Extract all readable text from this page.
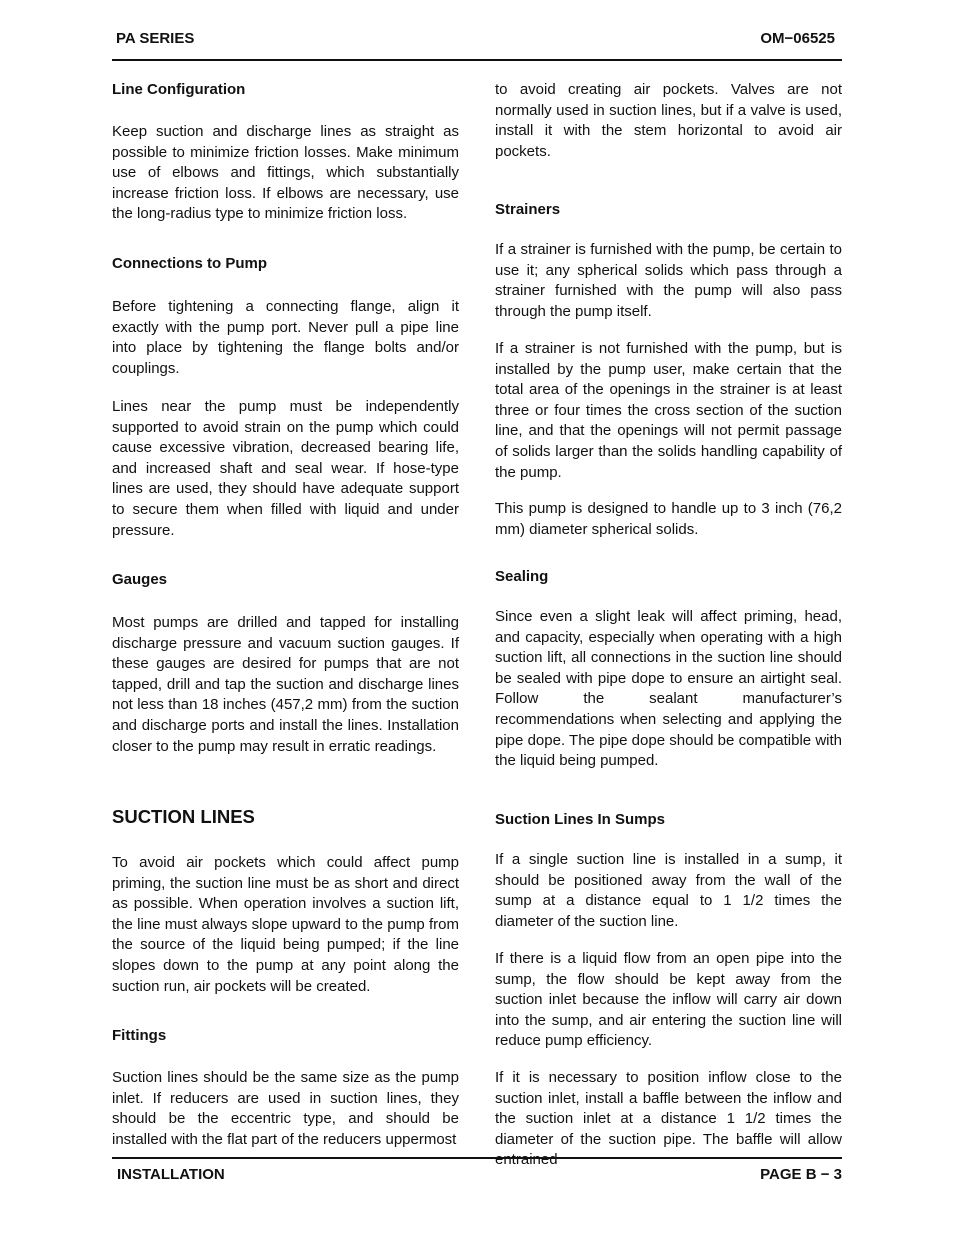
PA SERIES	OM−06525
Line Configuration

Keep suction and discharge lines as straight as possible to minimize friction losses. Make minimum use of elbows and fittings, which substantially increase friction loss. If elbows are necessary, use the long-radius type to minimize friction loss.

Connections to Pump

Before tightening a connecting flange, align it exactly with the pump port. Never pull a pipe line into place by tightening the flange bolts and/or couplings.

Lines near the pump must be independently supported to avoid strain on the pump which could cause excessive vibration, decreased bearing life, and increased shaft and seal wear. If hose-type lines are used, they should have adequate support to secure them when filled with liquid and under pressure.

Gauges

Most pumps are drilled and tapped for installing discharge pressure and vacuum suction gauges. If these gauges are desired for pumps that are not tapped, drill and tap the suction and discharge lines not less than 18 inches (457,2 mm) from the suction and discharge ports and install the lines. Installation closer to the pump may result in erratic readings.

SUCTION LINES

To avoid air pockets which could affect pump priming, the suction line must be as short and direct as possible. When operation involves a suction lift, the line must always slope upward to the pump from the source of the liquid being pumped; if the line slopes down to the pump at any point along the suction run, air pockets will be created.

Fittings

Suction lines should be the same size as the pump inlet. If reducers are used in suction lines, they should be the eccentric type, and should be installed with the flat part of the reducers uppermost

to avoid creating air pockets. Valves are not normally used in suction lines, but if a valve is used, install it with the stem horizontal to avoid air pockets.

Strainers

If a strainer is furnished with the pump, be certain to use it; any spherical solids which pass through a strainer furnished with the pump will also pass through the pump itself.

If a strainer is not furnished with the pump, but is installed by the pump user, make certain that the total area of the openings in the strainer is at least three or four times the cross section of the suction line, and that the openings will not permit passage of solids larger than the solids handling capability of the pump.

This pump is designed to handle up to 3 inch (76,2 mm) diameter spherical solids.

Sealing

Since even a slight leak will affect priming, head, and capacity, especially when operating with a high suction lift, all connections in the suction line should be sealed with pipe dope to ensure an airtight seal. Follow the sealant manufacturer’s recommendations when selecting and applying the pipe dope. The pipe dope should be compatible with the liquid being pumped.

Suction Lines In Sumps

If a single suction line is installed in a sump, it should be positioned away from the wall of the sump at a distance equal to 1 1/2 times the diameter of the suction line.

If there is a liquid flow from an open pipe into the sump, the flow should be kept away from the suction inlet because the inflow will carry air down into the sump, and air entering the suction line will reduce pump efficiency.

If it is necessary to position inflow close to the suction inlet, install a baffle between the inflow and the suction inlet at a distance 1 1/2 times the diameter of the suction pipe. The baffle will allow entrained

INSTALLATION	PAGE B − 3
